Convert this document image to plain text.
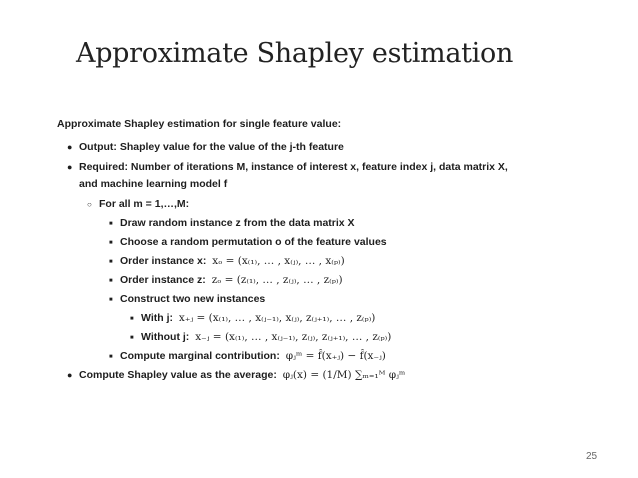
Approximate Shapley estimation
Approximate Shapley estimation for single feature value:
● Output: Shapley value for the value of the j-th feature
● Required: Number of iterations M, instance of interest x, feature index j, data matrix X, and machine learning model f
○ For all m = 1,…,M:
■ Draw random instance z from the data matrix X
■ Choose a random permutation o of the feature values
■ Order instance x: xₒ = (x₍₁₎, … , x₍ⱼ₎, … , x₍ₚ₎)
■ Order instance z: zₒ = (z₍₁₎, … , z₍ⱼ₎, … , z₍ₚ₎)
■ Construct two new instances
■ With j: x₊ⱼ = (x₍₁₎, … , x₍ⱼ₋₁₎, x₍ⱼ₎, z₍ⱼ₊₁₎, … , z₍ₚ₎)
■ Without j: x₋ⱼ = (x₍₁₎, … , x₍ⱼ₋₁₎, z₍ⱼ₎, z₍ⱼ₊₁₎, … , z₍ₚ₎)
■ Compute marginal contribution: φⱼᵐ = f̂(x₊ⱼ) − f̂(x₋ⱼ)
● Compute Shapley value as the average: φⱼ(x) = (1/M) ∑ₘ₌₁ᴹ φⱼᵐ
25
